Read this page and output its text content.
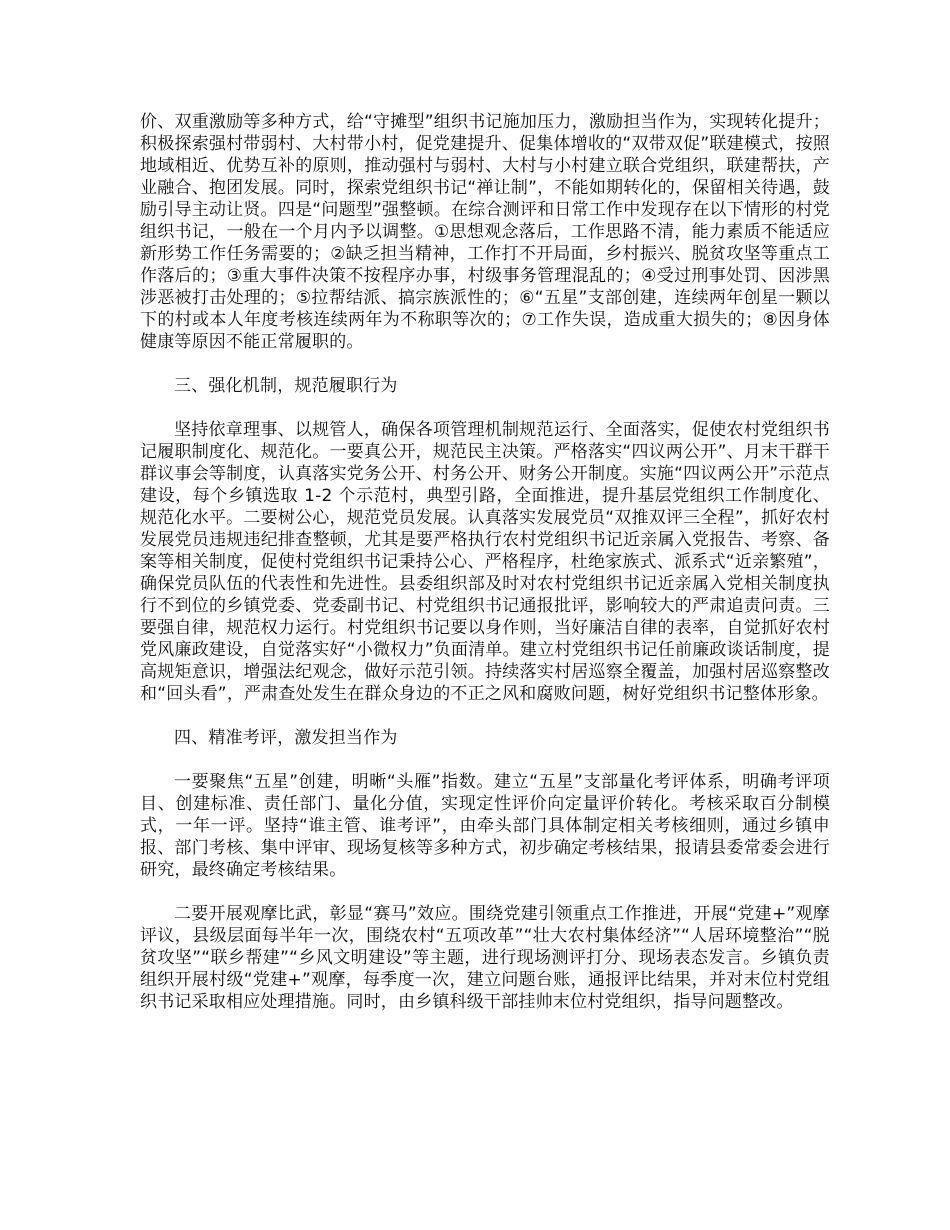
价、双重激励等多种方式，给“守摊型”组织书记施加压力，激励担当作为，实现转化提升；积极探索强村带弱村、大村带小村，促党建提升、促集体增收的“双带双促”联建模式，按照地域相近、优势互补的原则，推动强村与弱村、大村与小村建立联合党组织，联建帮扶，产业融合、抱团发展。同时，探索党组织书记“禅让制”，不能如期转化的，保留相关待遇，鼓励引导主动让贤。四是“问题型”强整顿。在综合测评和日常工作中发现存在以下情形的村党组织书记，一般在一个月内予以调整。①思想观念落后，工作思路不清，能力素质不能适应新形势工作任务需要的；②缺乏担当精神，工作打不开局面，乡村振兴、脱贫攻坚等重点工作落后的；③重大事件决策不按程序办事，村级事务管理混乱的；④受过刑事处罚、因涉黑涉恶被打击处理的；⑤拉帮结派、搞宗族派性的；⑥“五星”支部创建，连续两年创星一颗以下的村或本人年度考核连续两年为不称职等次的；⑦工作失误，造成重大损失的；⑧因身体健康等原因不能正常履职的。

三、强化机制，规范履职行为

坚持依章理事、以规管人，确保各项管理机制规范运行、全面落实，促使农村党组织书记履职制度化、规范化。一要真公开，规范民主决策。严格落实“四议两公开”、月末干群干群议事会等制度，认真落实党务公开、村务公开、财务公开制度。实施“四议两公开”示范点建设，每个乡镇选取 1-2 个示范村，典型引路，全面推进，提升基层党组织工作制度化、规范化水平。二要树公心，规范党员发展。认真落实发展党员“双推双评三全程”，抓好农村发展党员违规违纪排查整顿，尤其是要严格执行农村党组织书记近亲属入党报告、考察、备案等相关制度，促使村党组织书记秉持公心、严格程序，杜绝家族式、派系式“近亲繁殖”，确保党员队伍的代表性和先进性。县委组织部及时对农村党组织书记近亲属入党相关制度执行不到位的乡镇党委、党委副书记、村党组织书记通报批评，影响较大的严肃追责问责。三要强自律，规范权力运行。村党组织书记要以身作则，当好廉洁自律的表率，自觉抓好农村党风廉政建设，自觉落实好“小微权力”负面清单。建立村党组织书记任前廉政谈话制度，提高规矩意识，增强法纪观念，做好示范引领。持续落实村居巡察全覆盖，加强村居巡察整改和“回头看”，严肃查处发生在群众身边的不正之风和腐败问题，树好党组织书记整体形象。

四、精准考评，激发担当作为

一要聚焦“五星”创建，明晰“头雁”指数。建立“五星”支部量化考评体系，明确考评项目、创建标准、责任部门、量化分值，实现定性评价向定量评价转化。考核采取百分制模式，一年一评。坚持“谁主管、谁考评”，由牵头部门具体制定相关考核细则，通过乡镇申报、部门考核、集中评审、现场复核等多种方式，初步确定考核结果，报请县委常委会进行研究，最终确定考核结果。

二要开展观摩比武，彰显“赛马”效应。围绕党建引领重点工作推进，开展“党建+”观摩评议，县级层面每半年一次，围绕农村“五项改革”“壮大农村集体经济”“人居环境整治”“脱贫攻坚”“联乡帮建”“乡风文明建设”等主题，进行现场测评打分、现场表态发言。乡镇负责组织开展村级“党建+”观摩，每季度一次，建立问题台账，通报评比结果，并对末位村党组织书记采取相应处理措施。同时，由乡镇科级干部挂帅末位村党组织，指导问题整改。
